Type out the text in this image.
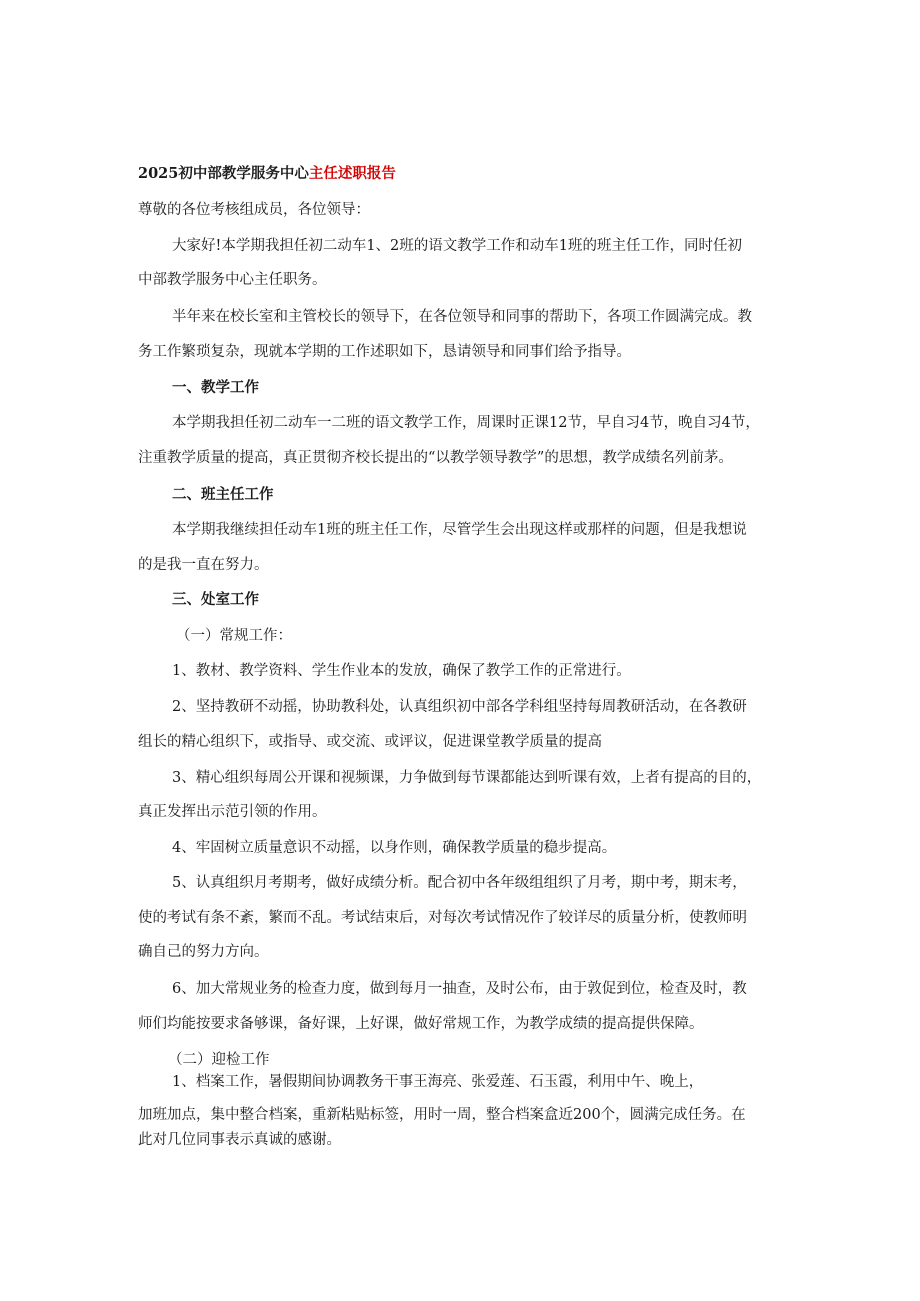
2025初中部教学服务中心主任述职报告
尊敬的各位考核组成员，各位领导：
大家好!本学期我担任初二动车1、2班的语文教学工作和动车1班的班主任工作，同时任初
中部教学服务中心主任职务。
半年来在校长室和主管校长的领导下，在各位领导和同事的帮助下，各项工作圆满完成。教
务工作繁琐复杂，现就本学期的工作述职如下，恳请领导和同事们给予指导。
一、教学工作
本学期我担任初二动车一二班的语文教学工作，周课时正课12节，早自习4节，晚自习4节，
注重教学质量的提高，真正贯彻齐校长提出的“以教学领导教学”的思想，教学成绩名列前茅。
二、班主任工作
本学期我继续担任动车1班的班主任工作，尽管学生会出现这样或那样的问题，但是我想说
的是我一直在努力。
三、处室工作
（一）常规工作：
1、教材、教学资料、学生作业本的发放，确保了教学工作的正常进行。
2、坚持教研不动摇，协助教科处，认真组织初中部各学科组坚持每周教研活动，在各教研
组长的精心组织下，或指导、或交流、或评议，促进课堂教学质量的提高
3、精心组织每周公开课和视频课，力争做到每节课都能达到听课有效，上者有提高的目的，
真正发挥出示范引领的作用。
4、牢固树立质量意识不动摇，以身作则，确保教学质量的稳步提高。
5、认真组织月考期考，做好成绩分析。配合初中各年级组组织了月考，期中考，期末考，
使的考试有条不紊，繁而不乱。考试结束后，对每次考试情况作了较详尽的质量分析，使教师明
确自己的努力方向。
6、加大常规业务的检查力度，做到每月一抽查，及时公布，由于敦促到位，检查及时，教
师们均能按要求备够课，备好课，上好课，做好常规工作，为教学成绩的提高提供保障。
（二）迎检工作
1、档案工作，暑假期间协调教务干事王海亮、张爱莲、石玉霞，利用中午、晚上，
加班加点，集中整合档案，重新粘贴标签，用时一周，整合档案盒近200个，圆满完成任务。在
此对几位同事表示真诚的感谢。
